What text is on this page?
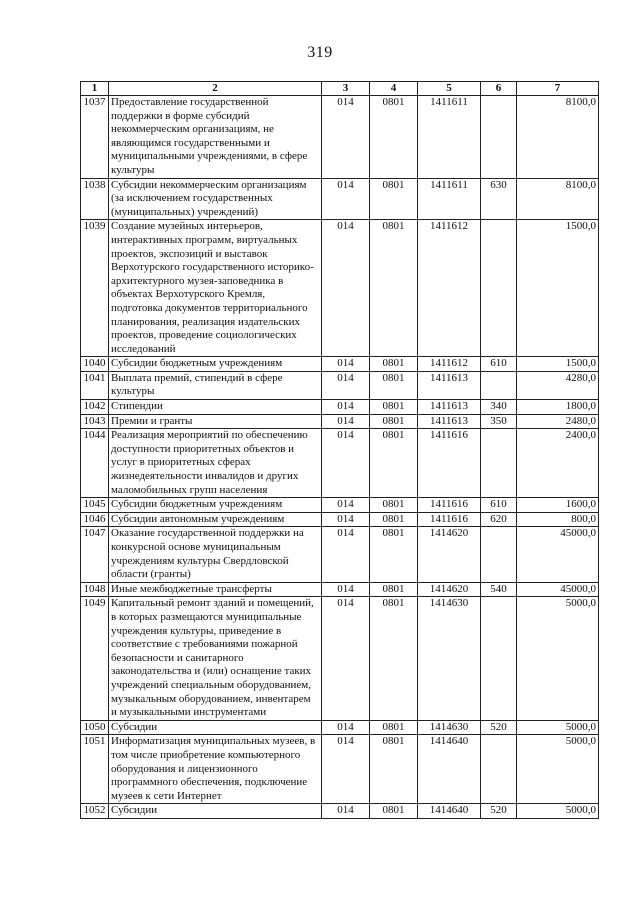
319
1	2	3	4	5	6	7
1037	Предоставление государственной поддержки в форме субсидий некоммерческим организациям, не являющимся государственными и муниципальными учреждениями, в сфере культуры	014	0801	1411611		8100,0
1038	Субсидии некоммерческим организациям (за исключением государственных (муниципальных) учреждений)	014	0801	1411611	630	8100,0
1039	Создание музейных интерьеров, интерактивных программ, виртуальных проектов, экспозиций и выставок Верхотурского государственного историко-архитектурного музея-заповедника в объектах Верхотурского Кремля, подготовка документов территориального планирования, реализация издательских проектов, проведение социологических исследований	014	0801	1411612		1500,0
1040	Субсидии бюджетным учреждениям	014	0801	1411612	610	1500,0
1041	Выплата премий, стипендий в сфере культуры	014	0801	1411613		4280,0
1042	Стипендии	014	0801	1411613	340	1800,0
1043	Премии и гранты	014	0801	1411613	350	2480,0
1044	Реализация мероприятий по обеспечению доступности приоритетных объектов и услуг в приоритетных сферах жизнедеятельности инвалидов и других маломобильных групп населения	014	0801	1411616		2400,0
1045	Субсидии бюджетным учреждениям	014	0801	1411616	610	1600,0
1046	Субсидии автономным учреждениям	014	0801	1411616	620	800,0
1047	Оказание государственной поддержки на конкурсной основе муниципальным учреждениям культуры Свердловской области (гранты)	014	0801	1414620		45000,0
1048	Иные межбюджетные трансферты	014	0801	1414620	540	45000,0
1049	Капитальный ремонт зданий и помещений, в которых размещаются муниципальные учреждения культуры, приведение в соответствие с требованиями пожарной безопасности и санитарного законодательства и (или) оснащение таких учреждений специальным оборудованием, музыкальным оборудованием, инвентарем и музыкальными инструментами	014	0801	1414630		5000,0
1050	Субсидии	014	0801	1414630	520	5000,0
1051	Информатизация муниципальных музеев, в том числе приобретение компьютерного оборудования и лицензионного программного обеспечения, подключение музеев к сети Интернет	014	0801	1414640		5000,0
1052	Субсидии	014	0801	1414640	520	5000,0
